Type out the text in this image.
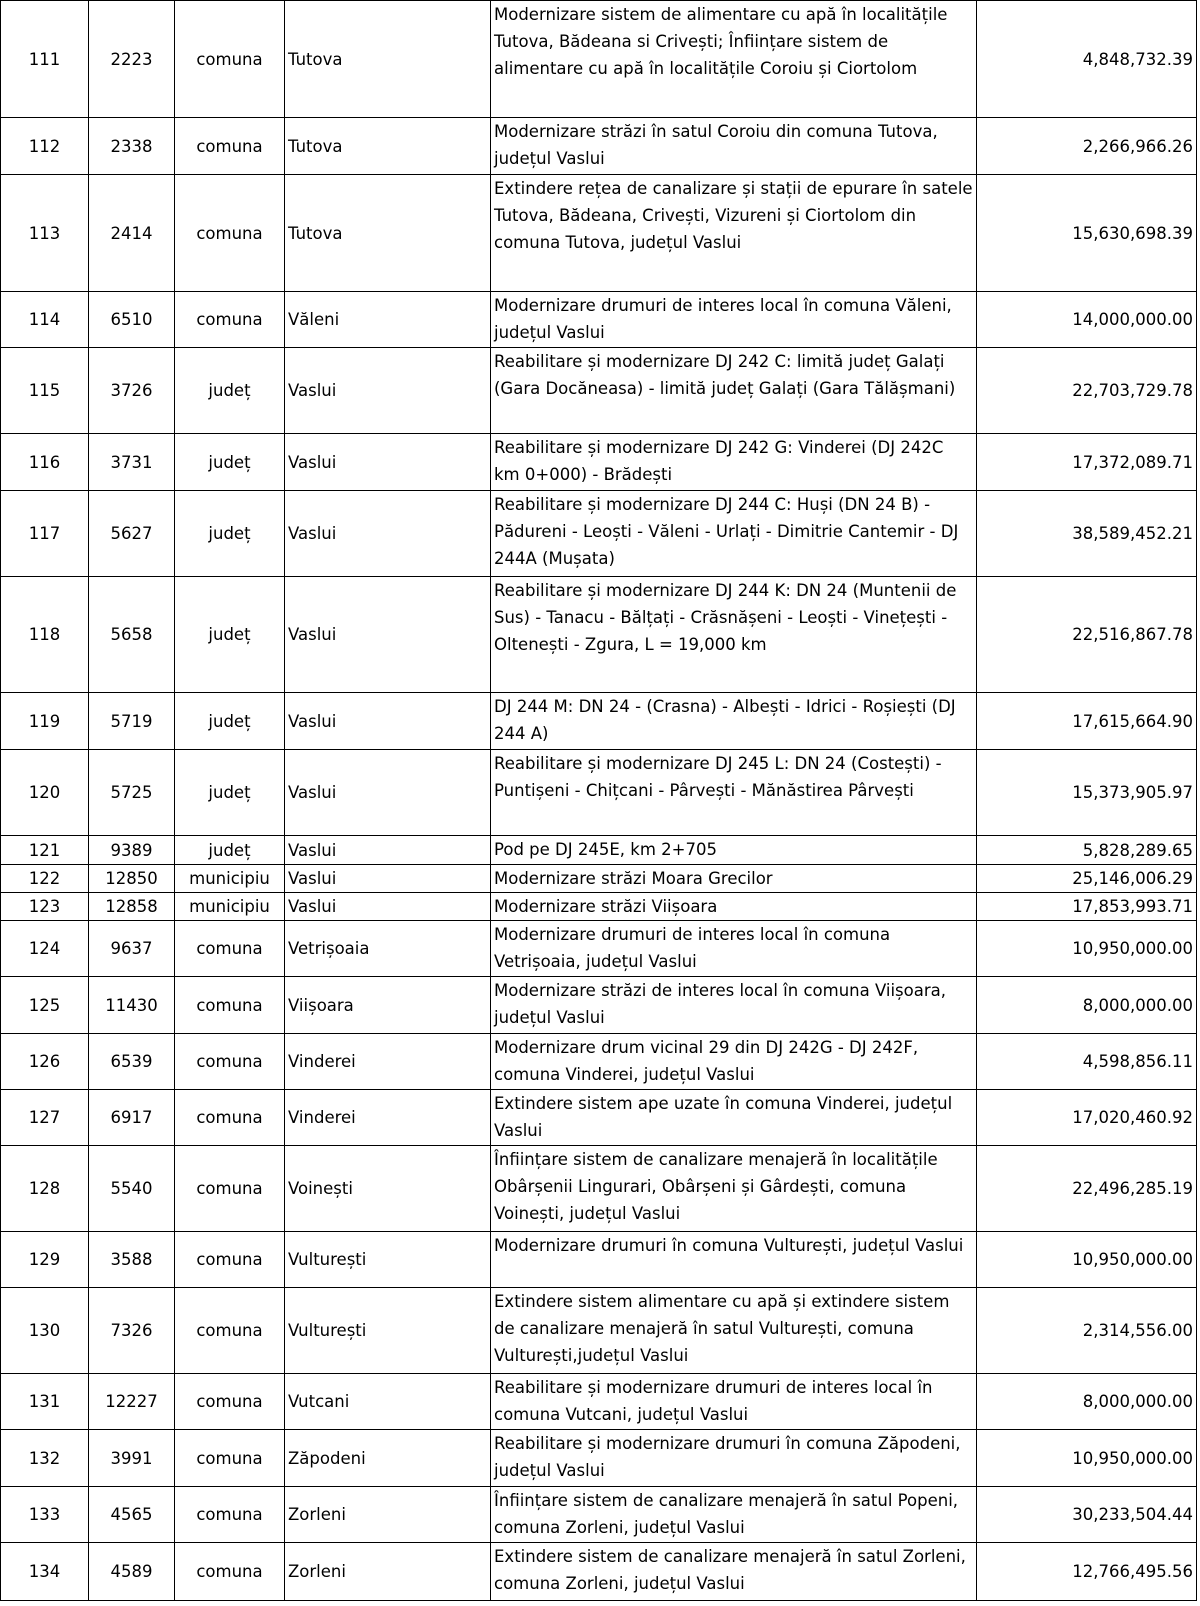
111	2223	comuna	Tutova	Modernizare sistem de alimentare cu apă în localitățile Tutova, Bădeana si Crivești; Înființare sistem de alimentare cu apă în localitățile Coroiu și Ciortolom	4,848,732.39
112	2338	comuna	Tutova	Modernizare străzi în satul Coroiu din comuna Tutova, județul Vaslui	2,266,966.26
113	2414	comuna	Tutova	Extindere rețea de canalizare și stații de epurare în satele Tutova, Bădeana, Crivești, Vizureni și Ciortolom din comuna Tutova, județul Vaslui	15,630,698.39
114	6510	comuna	Văleni	Modernizare drumuri de interes local în comuna Văleni, județul Vaslui	14,000,000.00
115	3726	județ	Vaslui	Reabilitare și modernizare DJ 242 C: limită județ Galați (Gara Docăneasa) - limită județ Galați (Gara Tălășmani)	22,703,729.78
116	3731	județ	Vaslui	Reabilitare și modernizare DJ 242 G: Vinderei (DJ 242C km 0+000) - Brădești	17,372,089.71
117	5627	județ	Vaslui	Reabilitare și modernizare DJ 244 C: Huși (DN 24 B) - Pădureni - Leoști - Văleni - Urlați - Dimitrie Cantemir - DJ 244A (Mușata)	38,589,452.21
118	5658	județ	Vaslui	Reabilitare și modernizare DJ 244 K: DN 24 (Muntenii de Sus) - Tanacu - Bălțați - Crăsnășeni - Leoști - Vinețești - Oltenești - Zgura, L = 19,000 km	22,516,867.78
119	5719	județ	Vaslui	DJ 244 M: DN 24 - (Crasna) - Albești - Idrici - Roșiești (DJ 244 A)	17,615,664.90
120	5725	județ	Vaslui	Reabilitare și modernizare DJ 245 L: DN 24 (Costești) - Puntișeni - Chițcani - Pârvești - Mănăstirea Pârvești	15,373,905.97
121	9389	județ	Vaslui	Pod pe DJ 245E, km 2+705	5,828,289.65
122	12850	municipiu	Vaslui	Modernizare străzi Moara Grecilor	25,146,006.29
123	12858	municipiu	Vaslui	Modernizare străzi Viișoara	17,853,993.71
124	9637	comuna	Vetrișoaia	Modernizare drumuri de interes local în comuna Vetrișoaia, județul Vaslui	10,950,000.00
125	11430	comuna	Viișoara	Modernizare străzi de interes local în comuna Viișoara, județul Vaslui	8,000,000.00
126	6539	comuna	Vinderei	Modernizare drum vicinal 29 din DJ 242G - DJ 242F, comuna Vinderei, județul Vaslui	4,598,856.11
127	6917	comuna	Vinderei	Extindere sistem ape uzate în comuna Vinderei, județul Vaslui	17,020,460.92
128	5540	comuna	Voinești	Înființare sistem de canalizare menajeră în localitățile Obârșenii Lingurari, Obârșeni și Gârdești, comuna Voinești, județul Vaslui	22,496,285.19
129	3588	comuna	Vulturești	Modernizare drumuri în comuna Vulturești, județul Vaslui	10,950,000.00
130	7326	comuna	Vulturești	Extindere sistem alimentare cu apă și extindere sistem de canalizare menajeră în satul Vulturești, comuna Vulturești,județul Vaslui	2,314,556.00
131	12227	comuna	Vutcani	Reabilitare și modernizare drumuri de interes local în comuna Vutcani, județul Vaslui	8,000,000.00
132	3991	comuna	Zăpodeni	Reabilitare și modernizare drumuri în comuna Zăpodeni, județul Vaslui	10,950,000.00
133	4565	comuna	Zorleni	Înființare sistem de canalizare menajeră în satul Popeni, comuna Zorleni, județul Vaslui	30,233,504.44
134	4589	comuna	Zorleni	Extindere sistem de canalizare menajeră în satul Zorleni, comuna Zorleni, județul Vaslui	12,766,495.56
